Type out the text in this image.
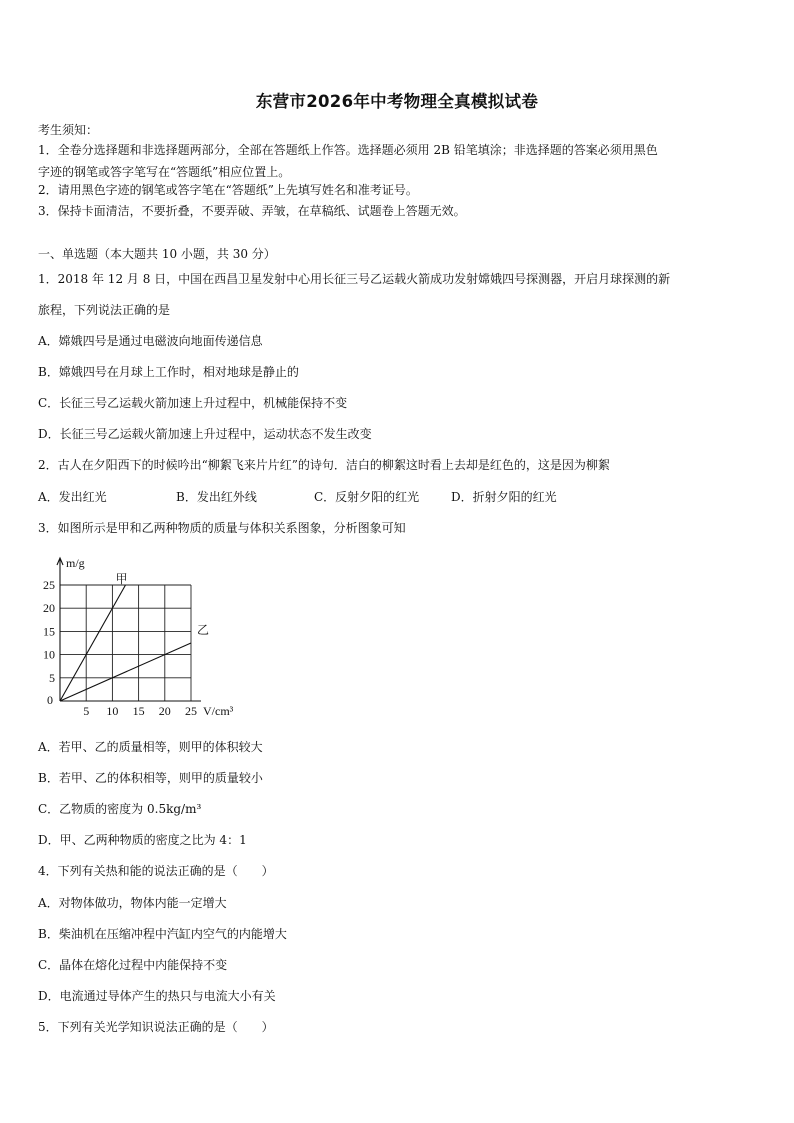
东营市2026年中考物理全真模拟试卷
考生须知：
1．全卷分选择题和非选择题两部分，全部在答题纸上作答。选择题必须用 2B 铅笔填涂；非选择题的答案必须用黑色
字迹的钢笔或答字笔写在“答题纸”相应位置上。
2．请用黑色字迹的钢笔或答字笔在“答题纸”上先填写姓名和准考证号。
3．保持卡面清洁，不要折叠，不要弄破、弄皱，在草稿纸、试题卷上答题无效。
一、单选题（本大题共 10 小题，共 30 分）
1．2018 年 12 月 8 日，中国在西昌卫星发射中心用长征三号乙运载火箭成功发射嫦娥四号探测器，开启月球探测的新
旅程，下列说法正确的是
A．嫦娥四号是通过电磁波向地面传递信息
B．嫦娥四号在月球上工作时，相对地球是静止的
C．长征三号乙运载火箭加速上升过程中，机械能保持不变
D．长征三号乙运载火箭加速上升过程中，运动状态不发生改变
2．古人在夕阳西下的时候吟出“柳絮飞来片片红”的诗句．洁白的柳絮这时看上去却是红色的，这是因为柳絮
A．发出红光	B．发出红外线	C．反射夕阳的红光	D．折射夕阳的红光
3．如图所示是甲和乙两种物质的质量与体积关系图象，分析图象可知
5 10 15 20 25
5
10
15
20
25	甲
乙
m/g
V/cm³
0
A．若甲、乙的质量相等，则甲的体积较大
B．若甲、乙的体积相等，则甲的质量较小
C．乙物质的密度为 0.5kg/m³
D．甲、乙两种物质的密度之比为 4：1
4．下列有关热和能的说法正确的是（　　）
A．对物体做功，物体内能一定增大
B．柴油机在压缩冲程中汽缸内空气的内能增大
C．晶体在熔化过程中内能保持不变
D．电流通过导体产生的热只与电流大小有关
5．下列有关光学知识说法正确的是（　　）
